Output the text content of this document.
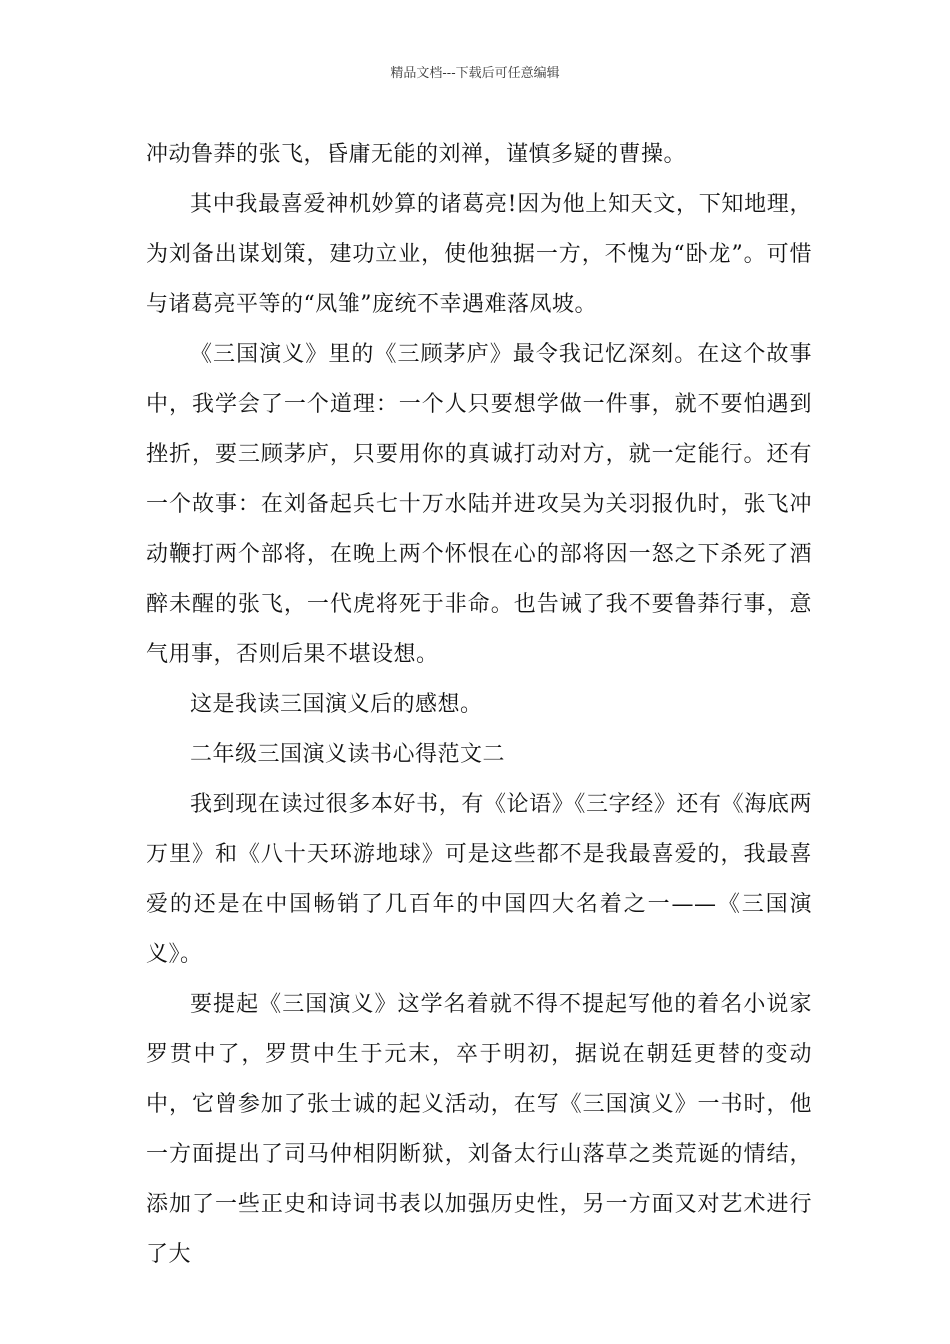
精品文档---下载后可任意编辑

冲动鲁莽的张飞，昏庸无能的刘禅，谨慎多疑的曹操。

其中我最喜爱神机妙算的诸葛亮!因为他上知天文，下知地理，为刘备出谋划策，建功立业，使他独据一方，不愧为“卧龙”。可惜与诸葛亮平等的“凤雏”庞统不幸遇难落凤坡。

《三国演义》里的《三顾茅庐》最令我记忆深刻。在这个故事中，我学会了一个道理：一个人只要想学做一件事，就不要怕遇到挫折，要三顾茅庐，只要用你的真诚打动对方，就一定能行。还有一个故事：在刘备起兵七十万水陆并进攻吴为关羽报仇时，张飞冲动鞭打两个部将，在晚上两个怀恨在心的部将因一怒之下杀死了酒醉未醒的张飞，一代虎将死于非命。也告诫了我不要鲁莽行事，意气用事，否则后果不堪设想。

这是我读三国演义后的感想。

二年级三国演义读书心得范文二

我到现在读过很多本好书，有《论语》《三字经》还有《海底两万里》和《八十天环游地球》可是这些都不是我最喜爱的，我最喜爱的还是在中国畅销了几百年的中国四大名着之一——《三国演义》。

要提起《三国演义》这学名着就不得不提起写他的着名小说家罗贯中了，罗贯中生于元末，卒于明初，据说在朝廷更替的变动中，它曾参加了张士诚的起义活动，在写《三国演义》一书时，他一方面提出了司马仲相阴断狱，刘备太行山落草之类荒诞的情结，添加了一些正史和诗词书表以加强历史性，另一方面又对艺术进行了大
